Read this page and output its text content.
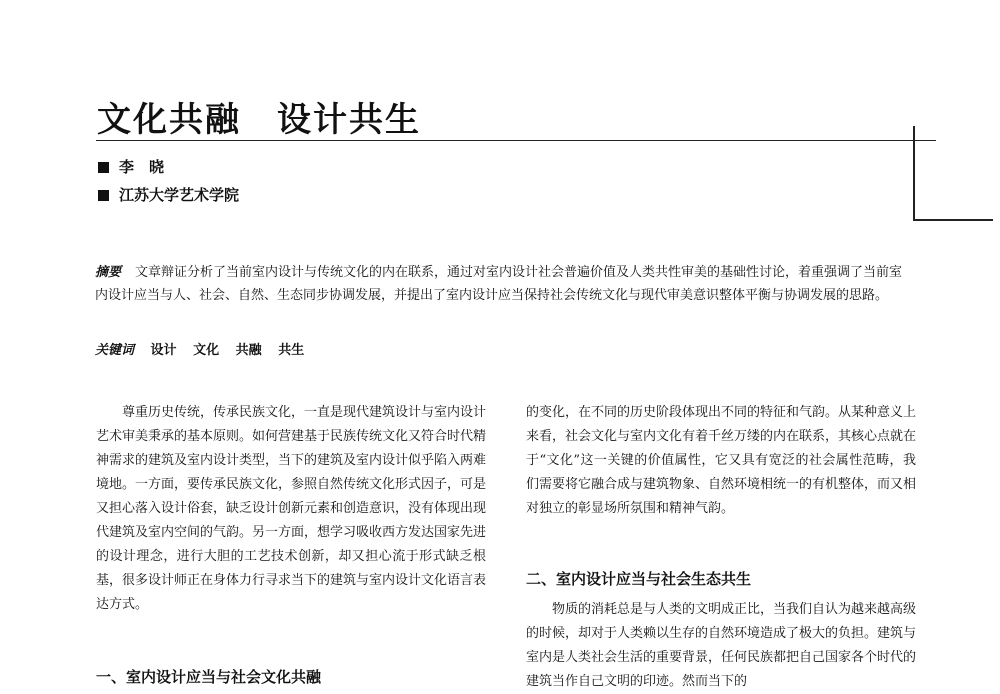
文化共融　设计共生
李　晓
江苏大学艺术学院
摘要 文章辩证分析了当前室内设计与传统文化的内在联系，通过对室内设计社会普遍价值及人类共性审美的基础性讨论，着重强调了当前室内设计应当与人、社会、自然、生态同步协调发展，并提出了室内设计应当保持社会传统文化与现代审美意识整体平衡与协调发展的思路。
关键词 设计 文化 共融 共生

尊重历史传统，传承民族文化，一直是现代建筑设计与室内设计艺术审美秉承的基本原则。如何营建基于民族传统文化又符合时代精神需求的建筑及室内设计类型，当下的建筑及室内设计似乎陷入两难境地。一方面，要传承民族文化，参照自然传统文化形式因子，可是又担心落入设计俗套，缺乏设计创新元素和创造意识，没有体现出现代建筑及室内空间的气韵。另一方面，想学习吸收西方发达国家先进的设计理念，进行大胆的工艺技术创新，却又担心流于形式缺乏根基，很多设计师正在身体力行寻求当下的建筑与室内设计文化语言表达方式。

一、室内设计应当与社会文化共融

的变化，在不同的历史阶段体现出不同的特征和气韵。从某种意义上来看，社会文化与室内文化有着千丝万缕的内在联系，其核心点就在于“文化”这一关键的价值属性，它又具有宽泛的社会属性范畴，我们需要将它融合成与建筑物象、自然环境相统一的有机整体，而又相对独立的彰显场所氛围和精神气韵。

二、室内设计应当与社会生态共生

物质的消耗总是与人类的文明成正比，当我们自认为越来越高级的时候，却对于人类赖以生存的自然环境造成了极大的负担。建筑与室内是人类社会生活的重要背景，任何民族都把自己国家各个时代的建筑当作自己文明的印迹。然而当下的
